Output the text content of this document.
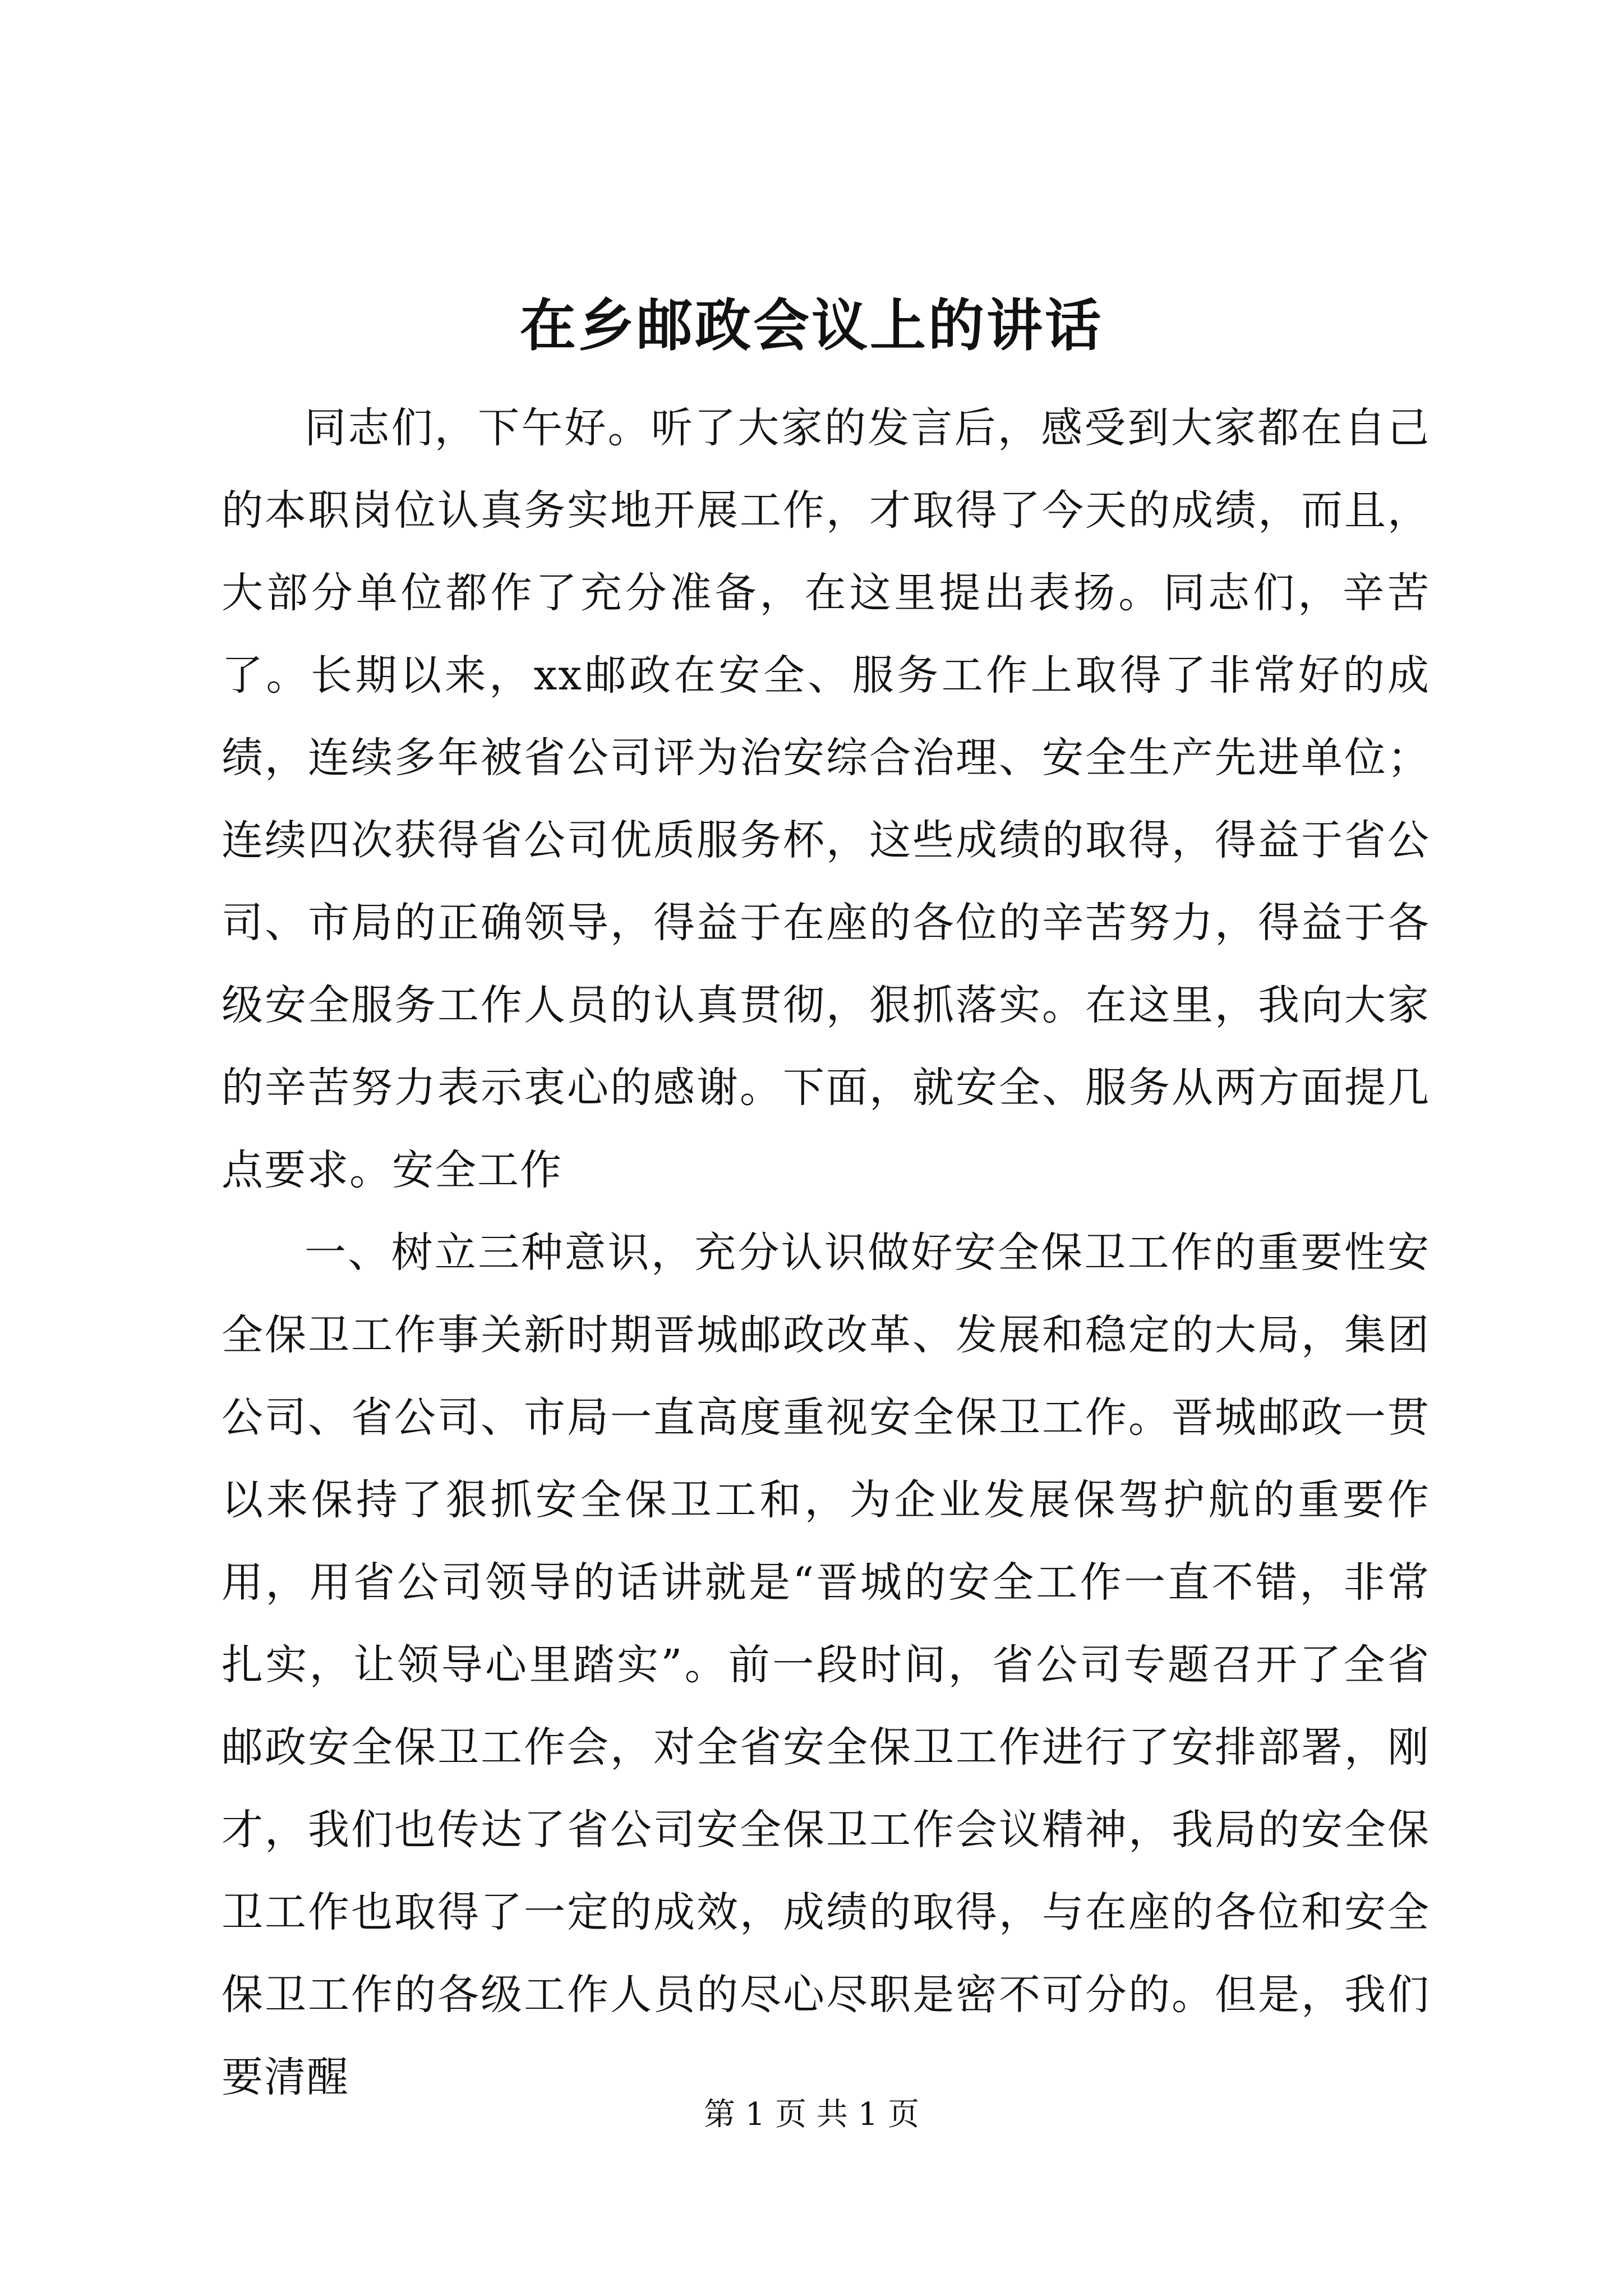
在乡邮政会议上的讲话

同志们，下午好。听了大家的发言后，感受到大家都在自己的本职岗位认真务实地开展工作，才取得了今天的成绩，而且，大部分单位都作了充分准备，在这里提出表扬。同志们，辛苦了。长期以来，xx邮政在安全、服务工作上取得了非常好的成绩，连续多年被省公司评为治安综合治理、安全生产先进单位；连续四次获得省公司优质服务杯，这些成绩的取得，得益于省公司、市局的正确领导，得益于在座的各位的辛苦努力，得益于各级安全服务工作人员的认真贯彻，狠抓落实。在这里，我向大家的辛苦努力表示衷心的感谢。下面，就安全、服务从两方面提几点要求。安全工作

一、树立三种意识，充分认识做好安全保卫工作的重要性安全保卫工作事关新时期晋城邮政改革、发展和稳定的大局，集团公司、省公司、市局一直高度重视安全保卫工作。晋城邮政一贯以来保持了狠抓安全保卫工和，为企业发展保驾护航的重要作用，用省公司领导的话讲就是“晋城的安全工作一直不错，非常扎实，让领导心里踏实”。前一段时间，省公司专题召开了全省邮政安全保卫工作会，对全省安全保卫工作进行了安排部署，刚才，我们也传达了省公司安全保卫工作会议精神，我局的安全保卫工作也取得了一定的成效，成绩的取得，与在座的各位和安全保卫工作的各级工作人员的尽心尽职是密不可分的。但是，我们要清醒

第 1 页 共 1 页
